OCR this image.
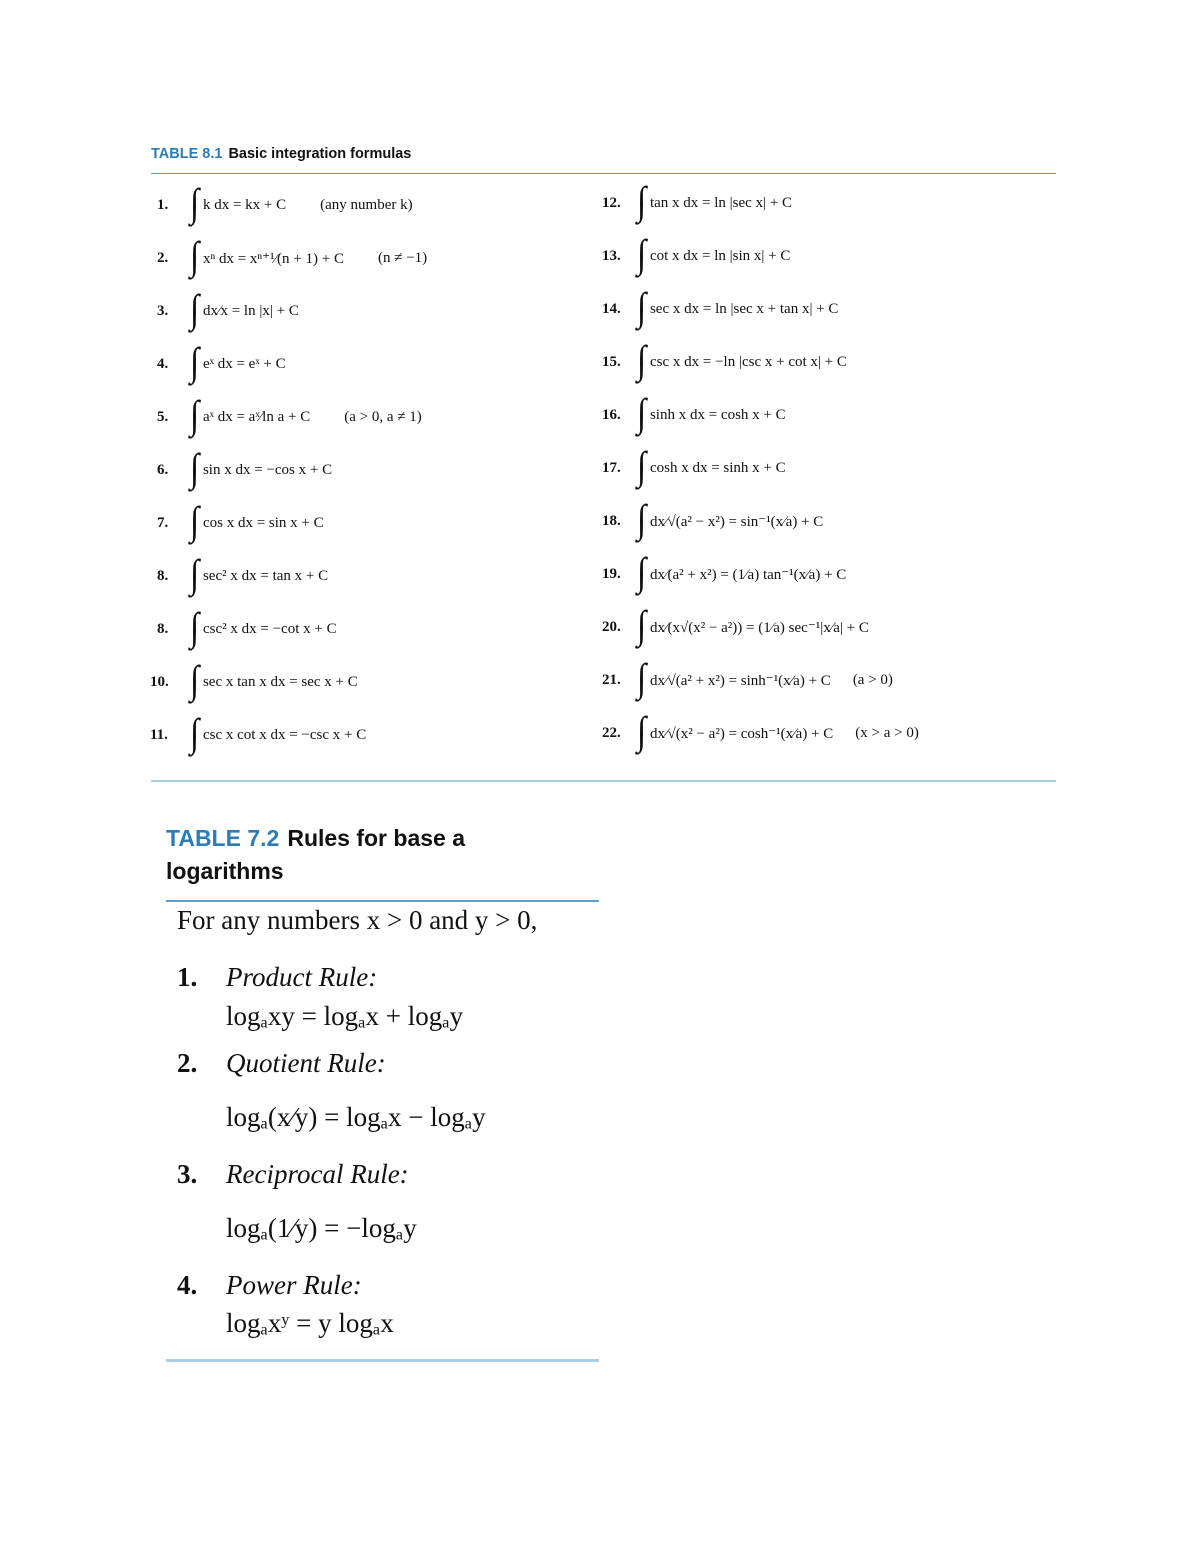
TABLE 8.1 Basic integration formulas
1. ∫ k dx = kx + C (any number k)
2. ∫ xⁿ dx = xⁿ⁺¹⁄(n + 1) + C (n ≠ −1)
3. ∫ dx⁄x = ln |x| + C
4. ∫ eˣ dx = eˣ + C
5. ∫ aˣ dx = aˣ⁄ln a + C (a > 0, a ≠ 1)
6. ∫ sin x dx = −cos x + C
7. ∫ cos x dx = sin x + C
8. ∫ sec² x dx = tan x + C
8. ∫ csc² x dx = −cot x + C
10. ∫ sec x tan x dx = sec x + C
11. ∫ csc x cot x dx = −csc x + C
12. ∫ tan x dx = ln |sec x| + C
13. ∫ cot x dx = ln |sin x| + C
14. ∫ sec x dx = ln |sec x + tan x| + C
15. ∫ csc x dx = −ln |csc x + cot x| + C
16. ∫ sinh x dx = cosh x + C
17. ∫ cosh x dx = sinh x + C
18. ∫ dx⁄√(a² − x²) = sin⁻¹(x⁄a) + C
19. ∫ dx⁄(a² + x²) = (1⁄a) tan⁻¹(x⁄a) + C
20. ∫ dx⁄(x√(x² − a²)) = (1⁄a) sec⁻¹|x⁄a| + C
21. ∫ dx⁄√(a² + x²) = sinh⁻¹(x⁄a) + C (a > 0)
22. ∫ dx⁄√(x² − a²) = cosh⁻¹(x⁄a) + C (x > a > 0)
TABLE 7.2 Rules for base a logarithms
For any numbers x > 0 and y > 0,
1. Product Rule:
logₐxy = logₐx + logₐy
2. Quotient Rule:
logₐ(x⁄y) = logₐx − logₐy
3. Reciprocal Rule:
logₐ(1⁄y) = −logₐy
4. Power Rule:
logₐxʸ = y logₐx
